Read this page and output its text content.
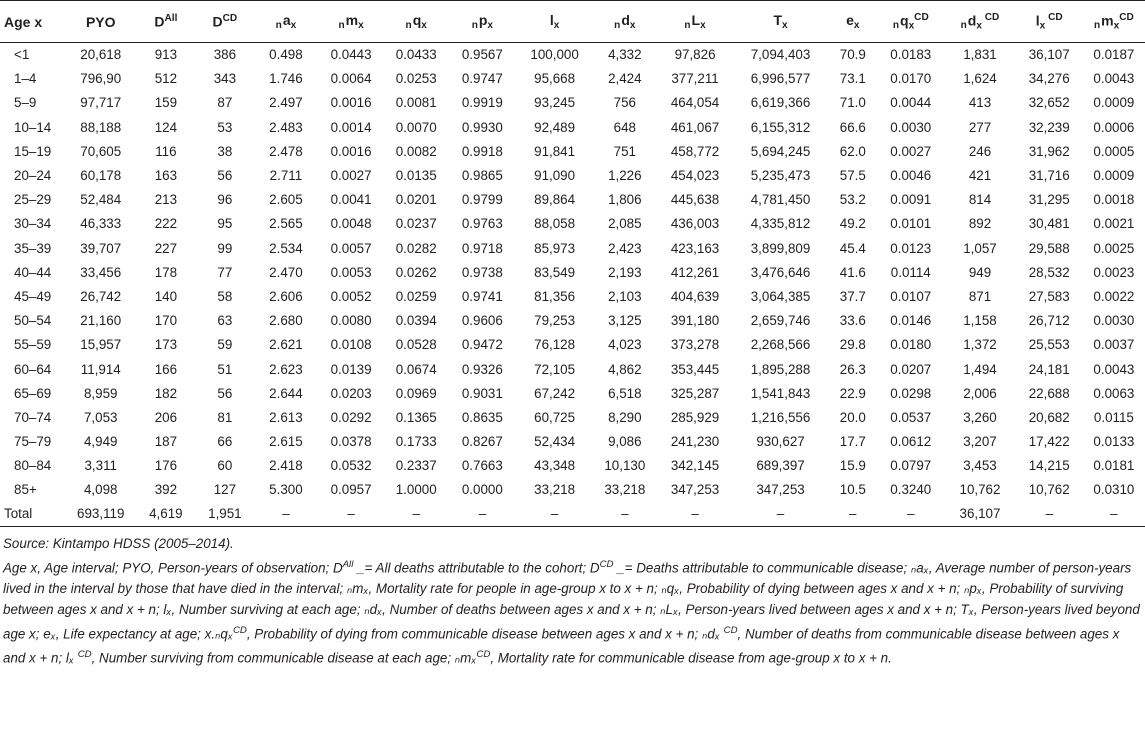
Age x	PYO	$D^{All}$	$D^{CD}$	$na_x$	$nm_x$	$nq_x$	$np_x$	$l_x$	$nd_x$	$nL_x$	$T_x$	$e_x$	$nq_x^{CD}$	$nd_x$ $^{CD}$	$l_x$ $^{CD}$	$nm_x^{CD}$
<1	20,618	913	386	0.498	0.0443	0.0433	0.9567	100,000	4,332	97,826	7,094,403	70.9	0.0183	1,831	36,107	0.0187
1–4	796,90	512	343	1.746	0.0064	0.0253	0.9747	95,668	2,424	377,211	6,996,577	73.1	0.0170	1,624	34,276	0.0043
5–9	97,717	159	87	2.497	0.0016	0.0081	0.9919	93,245	756	464,054	6,619,366	71.0	0.0044	413	32,652	0.0009
10–14	88,188	124	53	2.483	0.0014	0.0070	0.9930	92,489	648	461,067	6,155,312	66.6	0.0030	277	32,239	0.0006
15–19	70,605	116	38	2.478	0.0016	0.0082	0.9918	91,841	751	458,772	5,694,245	62.0	0.0027	246	31,962	0.0005
20–24	60,178	163	56	2.711	0.0027	0.0135	0.9865	91,090	1,226	454,023	5,235,473	57.5	0.0046	421	31,716	0.0009
25–29	52,484	213	96	2.605	0.0041	0.0201	0.9799	89,864	1,806	445,638	4,781,450	53.2	0.0091	814	31,295	0.0018
30–34	46,333	222	95	2.565	0.0048	0.0237	0.9763	88,058	2,085	436,003	4,335,812	49.2	0.0101	892	30,481	0.0021
35–39	39,707	227	99	2.534	0.0057	0.0282	0.9718	85,973	2,423	423,163	3,899,809	45.4	0.0123	1,057	29,588	0.0025
40–44	33,456	178	77	2.470	0.0053	0.0262	0.9738	83,549	2,193	412,261	3,476,646	41.6	0.0114	949	28,532	0.0023
45–49	26,742	140	58	2.606	0.0052	0.0259	0.9741	81,356	2,103	404,639	3,064,385	37.7	0.0107	871	27,583	0.0022
50–54	21,160	170	63	2.680	0.0080	0.0394	0.9606	79,253	3,125	391,180	2,659,746	33.6	0.0146	1,158	26,712	0.0030
55–59	15,957	173	59	2.621	0.0108	0.0528	0.9472	76,128	4,023	373,278	2,268,566	29.8	0.0180	1,372	25,553	0.0037
60–64	11,914	166	51	2.623	0.0139	0.0674	0.9326	72,105	4,862	353,445	1,895,288	26.3	0.0207	1,494	24,181	0.0043
65–69	8,959	182	56	2.644	0.0203	0.0969	0.9031	67,242	6,518	325,287	1,541,843	22.9	0.0298	2,006	22,688	0.0063
70–74	7,053	206	81	2.613	0.0292	0.1365	0.8635	60,725	8,290	285,929	1,216,556	20.0	0.0537	3,260	20,682	0.0115
75–79	4,949	187	66	2.615	0.0378	0.1733	0.8267	52,434	9,086	241,230	930,627	17.7	0.0612	3,207	17,422	0.0133
80–84	3,311	176	60	2.418	0.0532	0.2337	0.7663	43,348	10,130	342,145	689,397	15.9	0.0797	3,453	14,215	0.0181
85+	4,098	392	127	5.300	0.0957	1.0000	0.0000	33,218	33,218	347,253	347,253	10.5	0.3240	10,762	10,762	0.0310
Total	693,119	4,619	1,951	–	–	–	–	–	–	–	–	–	–	36,107	–	–

Source: Kintampo HDSS (2005–2014).

Age x, Age interval; PYO, Person-years of observation; $D^{All}$ _= All deaths attributable to the cohort; $D^{CD}$ _= Deaths attributable to communicable disease; ₙaₓ, Average number of person-years lived in the interval by those that have died in the interval; ₙmₓ, Mortality rate for people in age-group x to x + n; ₙqₓ, Probability of dying between ages x and x + n; ₙpₓ, Probability of surviving between ages x and x + n; lₓ, Number surviving at each age; ₙdₓ, Number of deaths between ages x and x + n; ₙLₓ, Person-years lived between ages x and x + n; Tₓ, Person-years lived beyond age x; eₓ, Life expectancy at age; x.ₙqₓ$^{CD}$, Probability of dying from communicable disease between ages x and x + n; ₙdₓ $^{CD}$, Number of deaths from communicable disease between ages x and x + n; lₓ $^{CD}$, Number surviving from communicable disease at each age; ₙmₓ$^{CD}$, Mortality rate for communicable disease from age-group x to x + n.
